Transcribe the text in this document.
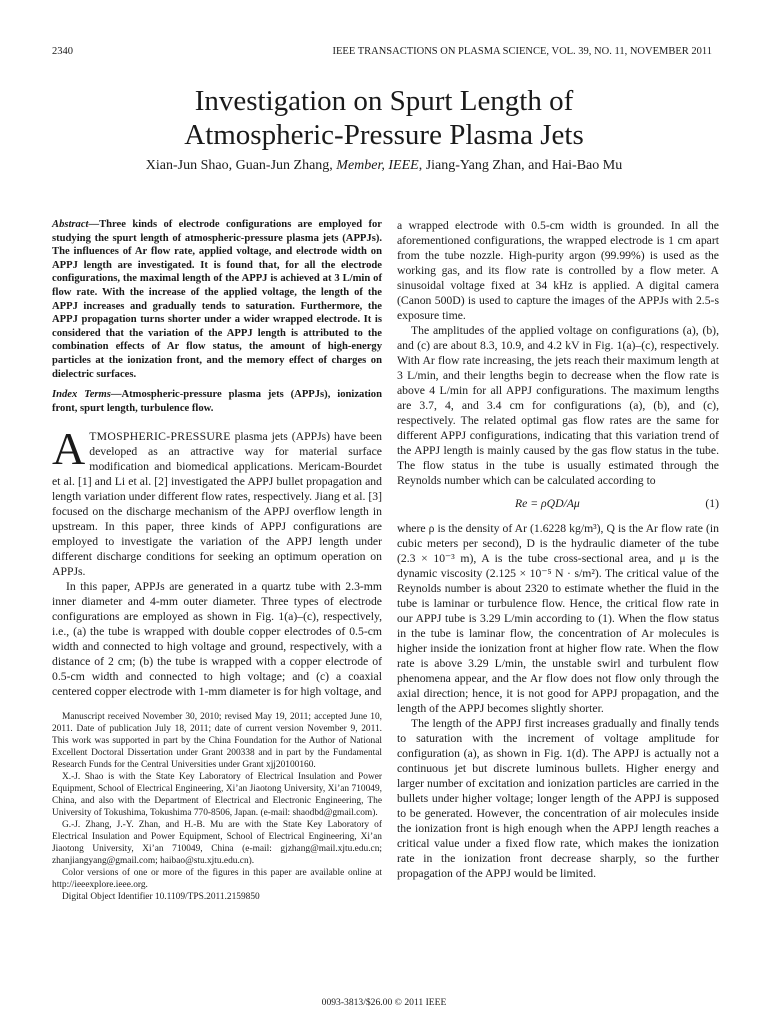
2340	IEEE TRANSACTIONS ON PLASMA SCIENCE, VOL. 39, NO. 11, NOVEMBER 2011
Investigation on Spurt Length of
Atmospheric-Pressure Plasma Jets
Xian-Jun Shao, Guan-Jun Zhang, Member, IEEE, Jiang-Yang Zhan, and Hai-Bao Mu
Abstract—Three kinds of electrode configurations are employed for studying the spurt length of atmospheric-pressure plasma jets (APPJs). The influences of Ar flow rate, applied voltage, and electrode width on APPJ length are investigated. It is found that, for all the electrode configurations, the maximal length of the APPJ is achieved at 3 L/min of flow rate. With the increase of the applied voltage, the length of the APPJ increases and gradually tends to saturation. Furthermore, the APPJ propagation turns shorter under a wider wrapped electrode. It is considered that the variation of the APPJ length is attributed to the combination effects of Ar flow status, the amount of high-energy particles at the ionization front, and the memory effect of charges on dielectric surfaces.
Index Terms—Atmospheric-pressure plasma jets (APPJs), ionization front, spurt length, turbulence flow.

ATMOSPHERIC-PRESSURE plasma jets (APPJs) have been developed as an attractive way for material surface modification and biomedical applications. Mericam-Bourdet et al. [1] and Li et al. [2] investigated the APPJ bullet propagation and length variation under different flow rates, respectively. Jiang et al. [3] focused on the discharge mechanism of the APPJ overflow length in upstream. In this paper, three kinds of APPJ configurations are employed to investigate the variation of the APPJ length under different discharge conditions for seeking an optimum operation on APPJs.

In this paper, APPJs are generated in a quartz tube with 2.3-mm inner diameter and 4-mm outer diameter. Three types of electrode configurations are employed as shown in Fig. 1(a)–(c), respectively, i.e., (a) the tube is wrapped with double copper electrodes of 0.5-cm width and connected to high voltage and ground, respectively, with a distance of 2 cm; (b) the tube is wrapped with a copper electrode of 0.5-cm width and connected to high voltage; and (c) a coaxial centered copper electrode with 1-mm diameter is for high voltage, and

Manuscript received November 30, 2010; revised May 19, 2011; accepted June 10, 2011. Date of publication July 18, 2011; date of current version November 9, 2011. This work was supported in part by the China Foundation for the Author of National Excellent Doctoral Dissertation under Grant 200338 and in part by the Fundamental Research Funds for the Central Universities under Grant xjj20100160.

X.-J. Shao is with the State Key Laboratory of Electrical Insulation and Power Equipment, School of Electrical Engineering, Xi’an Jiaotong University, Xi’an 710049, China, and also with the Department of Electrical and Electronic Engineering, The University of Tokushima, Tokushima 770-8506, Japan. (e-mail: shaodbd@gmail.com).

G.-J. Zhang, J.-Y. Zhan, and H.-B. Mu are with the State Key Laboratory of Electrical Insulation and Power Equipment, School of Electrical Engineering, Xi’an Jiaotong University, Xi’an 710049, China (e-mail: gjzhang@mail.xjtu.edu.cn; zhanjiangyang@gmail.com; haibao@stu.xjtu.edu.cn).

Color versions of one or more of the figures in this paper are available online at http://ieeexplore.ieee.org.

Digital Object Identifier 10.1109/TPS.2011.2159850

a wrapped electrode with 0.5-cm width is grounded. In all the aforementioned configurations, the wrapped electrode is 1 cm apart from the tube nozzle. High-purity argon (99.99%) is used as the working gas, and its flow rate is controlled by a flow meter. A sinusoidal voltage fixed at 34 kHz is applied. A digital camera (Canon 500D) is used to capture the images of the APPJs with 2.5-s exposure time.

The amplitudes of the applied voltage on configurations (a), (b), and (c) are about 8.3, 10.9, and 4.2 kV in Fig. 1(a)–(c), respectively. With Ar flow rate increasing, the jets reach their maximum length at 3 L/min, and their lengths begin to decrease when the flow rate is above 4 L/min for all APPJ configurations. The maximum lengths are 3.7, 4, and 3.4 cm for configurations (a), (b), and (c), respectively. The related optimal gas flow rates are the same for different APPJ configurations, indicating that this variation trend of the APPJ length is mainly caused by the gas flow status in the tube. The flow status in the tube is usually estimated through the Reynolds number which can be calculated according to

Re = ρQD/Aμ	(1)

where ρ is the density of Ar (1.6228 kg/m³), Q is the Ar flow rate (in cubic meters per second), D is the hydraulic diameter of the tube (2.3 × 10⁻³ m), A is the tube cross-sectional area, and μ is the dynamic viscosity (2.125 × 10⁻⁵ N · s/m²). The critical value of the Reynolds number is about 2320 to estimate whether the fluid in the tube is laminar or turbulence flow. Hence, the critical flow rate in our APPJ tube is 3.29 L/min according to (1). When the flow status in the tube is laminar flow, the concentration of Ar molecules is higher inside the ionization front at higher flow rate. When the flow rate is above 3.29 L/min, the unstable swirl and turbulent flow phenomena appear, and the Ar flow does not flow only through the axial direction; hence, it is not good for APPJ propagation, and the length of the APPJ becomes slightly shorter.

The length of the APPJ first increases gradually and finally tends to saturation with the increment of voltage amplitude for configuration (a), as shown in Fig. 1(d). The APPJ is actually not a continuous jet but discrete luminous bullets. Higher energy and larger number of excitation and ionization particles are carried in the bullets under higher voltage; longer length of the APPJ is supposed to be generated. However, the concentration of air molecules inside the ionization front is high enough when the APPJ length reaches a critical value under a fixed flow rate, which makes the ionization rate in the ionization front decrease sharply, so the further propagation of the APPJ would be limited.

0093-3813/$26.00 © 2011 IEEE
